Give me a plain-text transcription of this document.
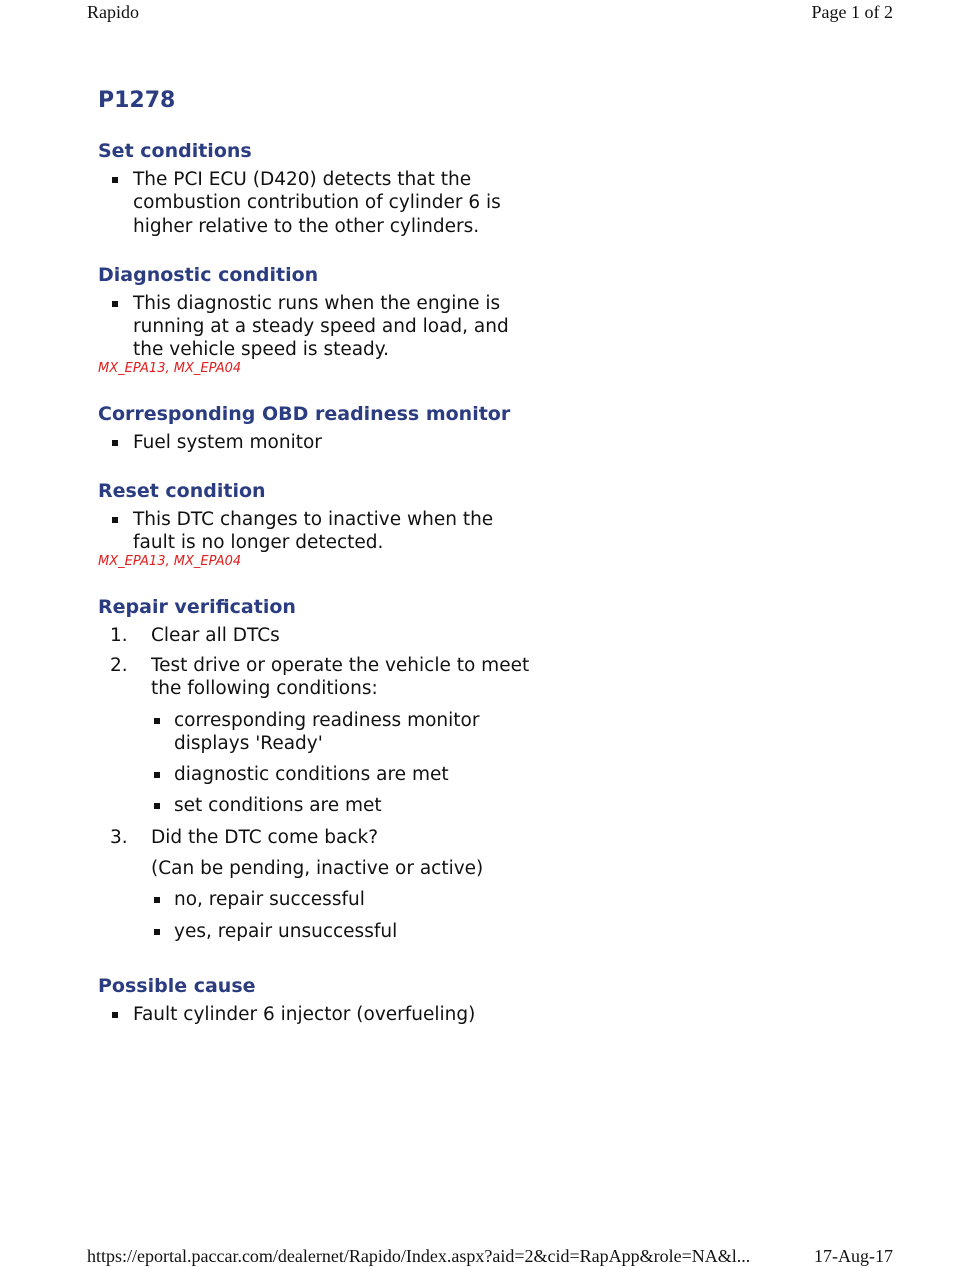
Rapido	Page 1 of 2
P1278
Set conditions
The PCI ECU (D420) detects that the combustion contribution of cylinder 6 is higher relative to the other cylinders.
Diagnostic condition
This diagnostic runs when the engine is running at a steady speed and load, and the vehicle speed is steady.
MX_EPA13, MX_EPA04
Corresponding OBD readiness monitor
Fuel system monitor
Reset condition
This DTC changes to inactive when the fault is no longer detected.
MX_EPA13, MX_EPA04
Repair verification
1. Clear all DTCs
2. Test drive or operate the vehicle to meet the following conditions:
corresponding readiness monitor displays 'Ready'
diagnostic conditions are met
set conditions are met
3. Did the DTC come back?
(Can be pending, inactive or active)
no, repair successful
yes, repair unsuccessful
Possible cause
Fault cylinder 6 injector (overfueling)
https://eportal.paccar.com/dealernet/Rapido/Index.aspx?aid=2&cid=RapApp&role=NA&l...	17-Aug-17
